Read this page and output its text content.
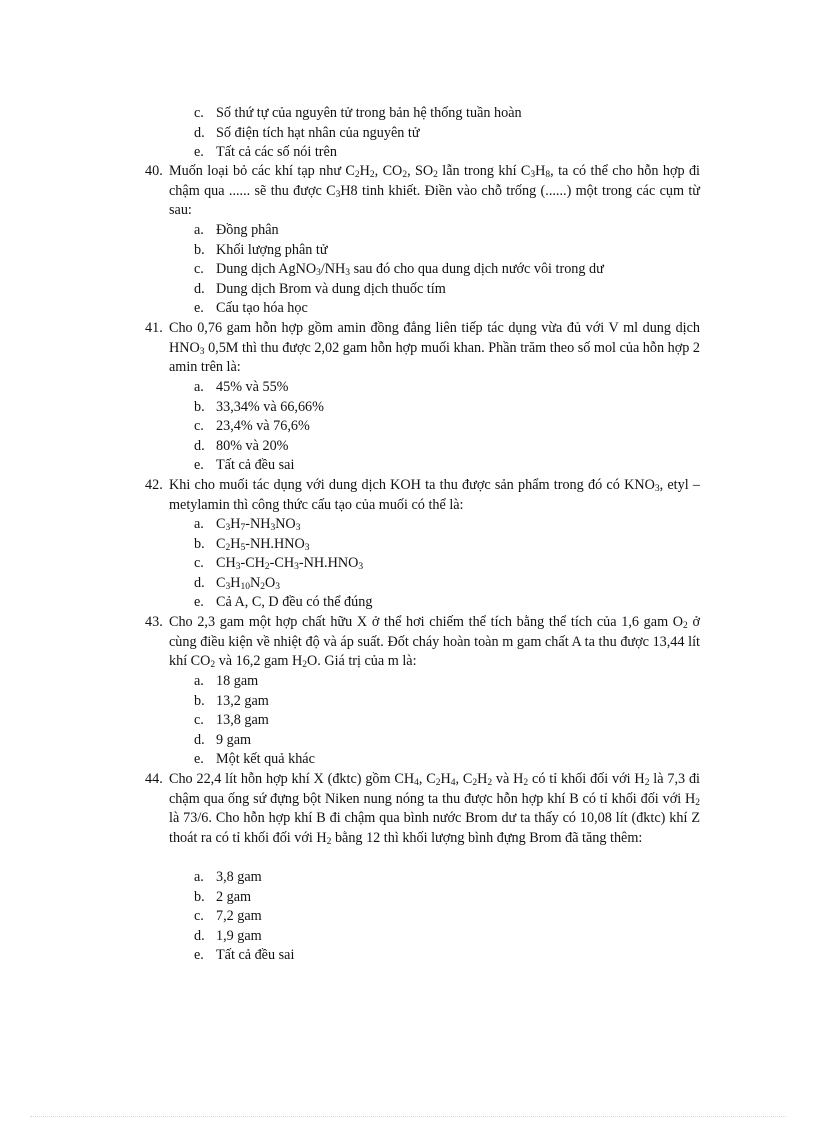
c. Số thứ tự của nguyên tử trong bản hệ thống tuần hoàn
d. Số điện tích hạt nhân của nguyên tử
e. Tất cả các số nói trên
40. Muốn loại bỏ các khí tạp như $C_2H_2$, $CO_2$, $SO_2$ lẫn trong khí $C_3H_8$, ta có thể cho hỗn hợp đi chậm qua ...... sẽ thu được $C_3H8$ tinh khiết. Điền vào chỗ trống (......) một trong các cụm từ sau:
a. Đồng phân
b. Khối lượng phân tử
c. Dung dịch $AgNO_3/NH_3$ sau đó cho qua dung dịch nước vôi trong dư
d. Dung dịch Brom và dung dịch thuốc tím
e. Cấu tạo hóa học
41. Cho 0,76 gam hỗn hợp gồm amin đồng đẳng liên tiếp tác dụng vừa đủ với V ml dung dịch $HNO_3$ 0,5M thì thu được 2,02 gam hỗn hợp muối khan. Phần trăm theo số mol của hỗn hợp 2 amin trên là:
a. 45% và 55%
b. 33,34% và 66,66%
c. 23,4% và 76,6%
d. 80% và 20%
e. Tất cả đều sai
42. Khi cho muối tác dụng với dung dịch KOH ta thu được sản phẩm trong đó có $KNO_3$, etyl – metylamin thì công thức cấu tạo của muối có thể là:
a. $C_3H_7-NH_3NO_3$
b. $C_2H_5-NH.HNO_3$
c. $CH_3-CH_2-CH_3-NH.HNO_3$
d. $C_3H_{10}N_2O_3$
e. Cả A, C, D đều có thể đúng
43. Cho 2,3 gam một hợp chất hữu X ở thể hơi chiếm thể tích bằng thể tích của 1,6 gam $O_2$ ở cùng điều kiện về nhiệt độ và áp suất. Đốt cháy hoàn toàn m gam chất A ta thu được 13,44 lít khí $CO_2$ và 16,2 gam $H_2O$. Giá trị của m là:
a. 18 gam
b. 13,2 gam
c. 13,8 gam
d. 9 gam
e. Một kết quả khác
44. Cho 22,4 lít hỗn hợp khí X (đktc) gồm $CH_4$, $C_2H_4$, $C_2H_2$ và $H_2$ có tỉ khối đối với $H_2$ là 7,3 đi chậm qua ống sứ đựng bột Niken nung nóng ta thu được hỗn hợp khí B có tỉ khối đối với $H_2$ là 73/6. Cho hỗn hợp khí B đi chậm qua bình nước Brom dư ta thấy có 10,08 lít (đktc) khí Z thoát ra có tỉ khối đối với $H_2$ bằng 12 thì khối lượng bình đựng Brom đã tăng thêm:
a. 3,8 gam
b. 2 gam
c. 7,2 gam
d. 1,9 gam
e. Tất cả đều sai
